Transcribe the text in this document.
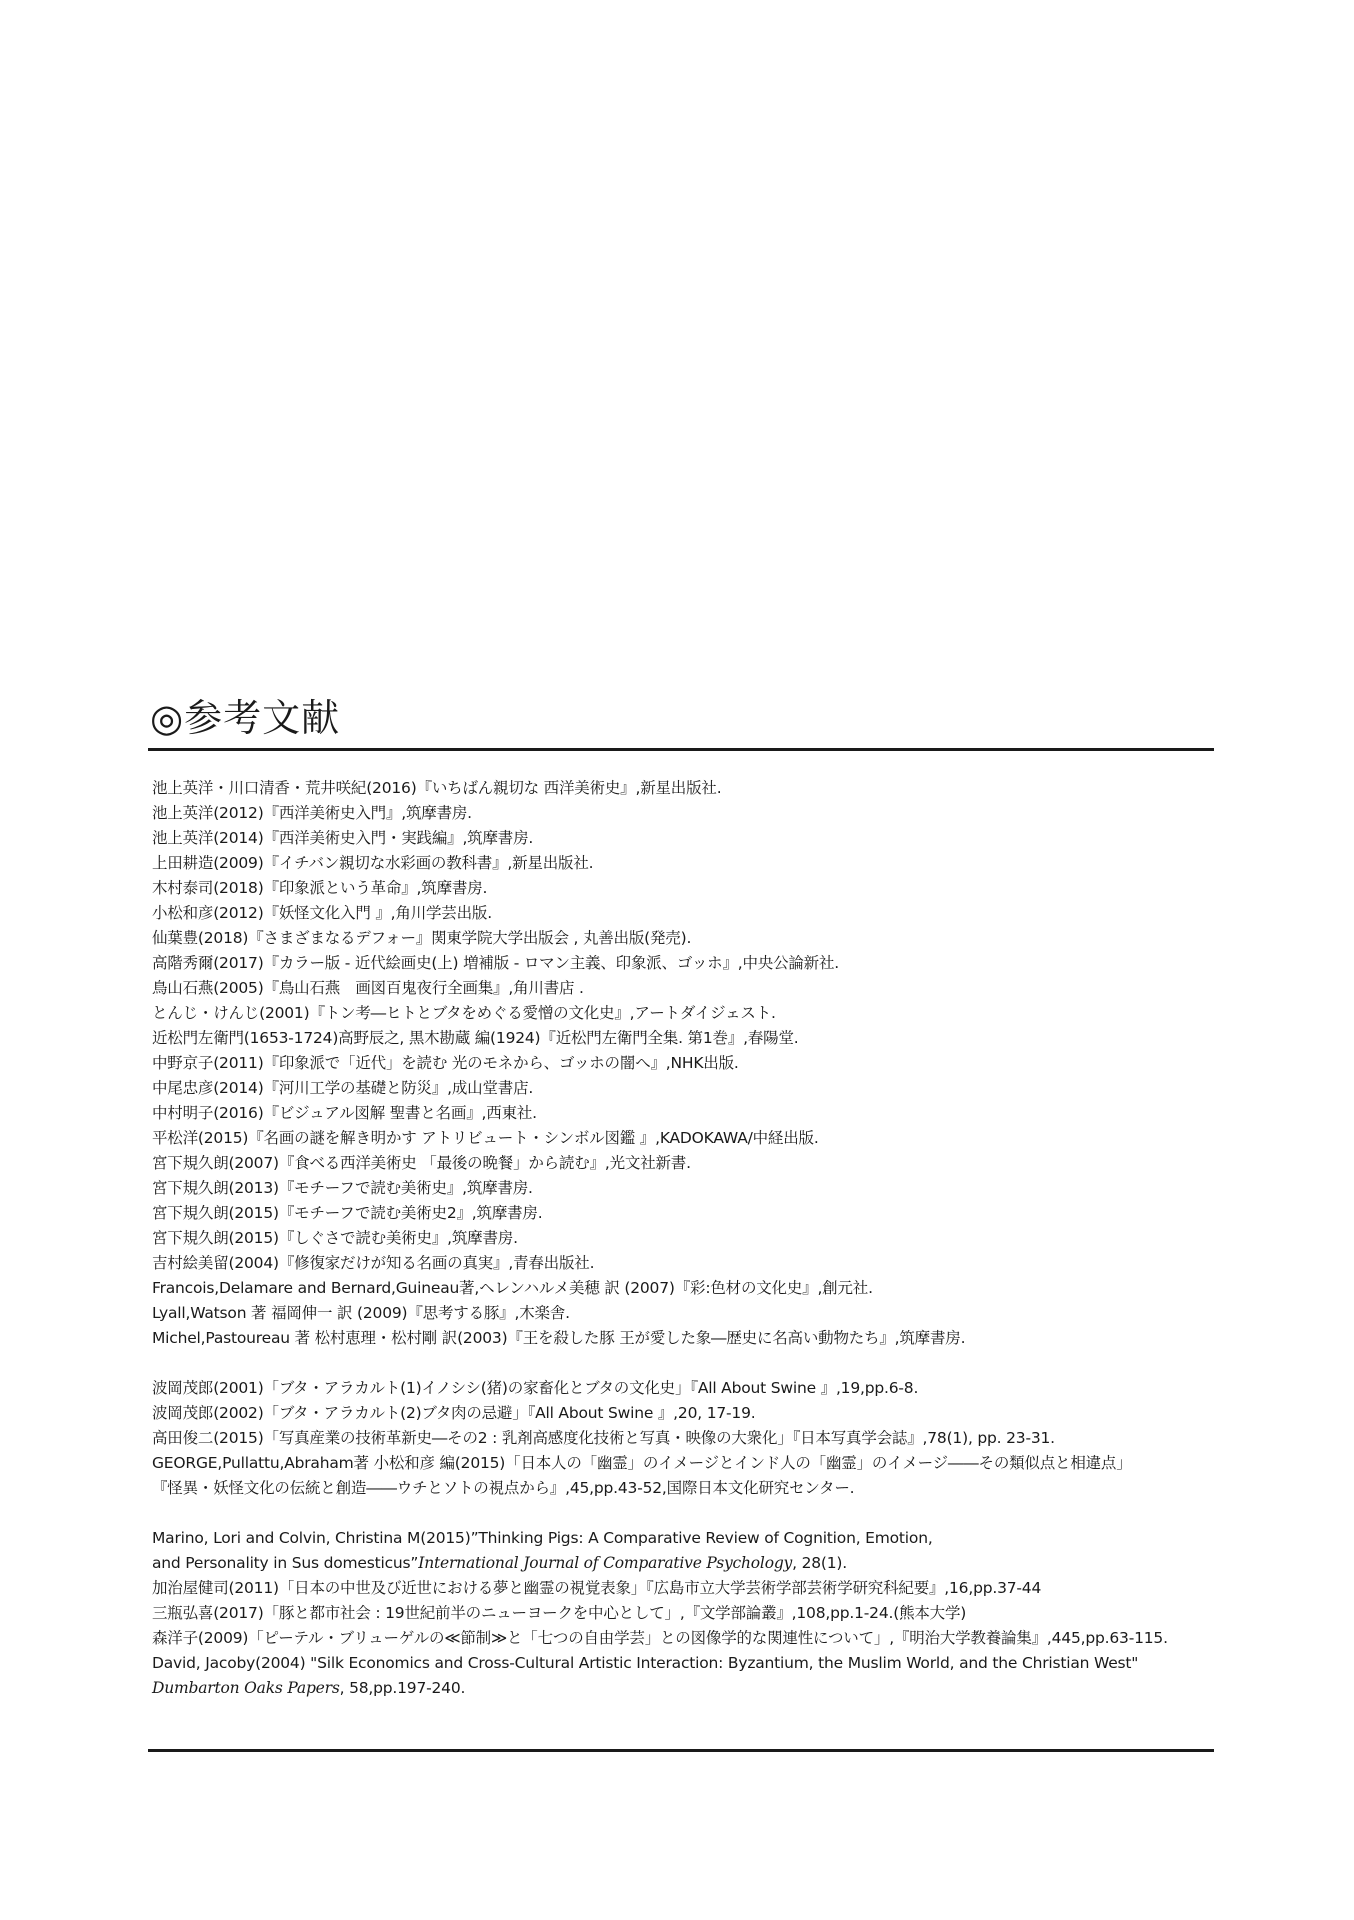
◎参考文献
池上英洋・川口清香・荒井咲紀(2016)『いちばん親切な 西洋美術史』,新星出版社.
池上英洋(2012)『西洋美術史入門』,筑摩書房.
池上英洋(2014)『西洋美術史入門・実践編』,筑摩書房.
上田耕造(2009)『イチバン親切な水彩画の教科書』,新星出版社.
木村泰司(2018)『印象派という革命』,筑摩書房.
小松和彦(2012)『妖怪文化入門 』,角川学芸出版.
仙葉豊(2018)『さまざまなるデフォー』関東学院大学出版会 , 丸善出版(発売).
高階秀爾(2017)『カラー版 - 近代絵画史(上) 増補版 - ロマン主義、印象派、ゴッホ』,中央公論新社.
鳥山石燕(2005)『鳥山石燕　画図百鬼夜行全画集』,角川書店 .
とんじ・けんじ(2001)『トン考―ヒトとブタをめぐる愛憎の文化史』,アートダイジェスト.
近松門左衛門(1653-1724)高野辰之, 黒木勘蔵 編(1924)『近松門左衛門全集. 第1巻』,春陽堂.
中野京子(2011)『印象派で「近代」を読む 光のモネから、ゴッホの闇へ』,NHK出版.
中尾忠彦(2014)『河川工学の基礎と防災』,成山堂書店.
中村明子(2016)『ビジュアル図解 聖書と名画』,西東社.
平松洋(2015)『名画の謎を解き明かす アトリビュート・シンボル図鑑 』,KADOKAWA/中経出版.
宮下規久朗(2007)『食べる西洋美術史 「最後の晩餐」から読む』,光文社新書.
宮下規久朗(2013)『モチーフで読む美術史』,筑摩書房.
宮下規久朗(2015)『モチーフで読む美術史2』,筑摩書房.
宮下規久朗(2015)『しぐさで読む美術史』,筑摩書房.
吉村絵美留(2004)『修復家だけが知る名画の真実』,青春出版社.
Francois,Delamare and Bernard,Guineau著,ヘレンハルメ美穂 訳 (2007)『彩:色材の文化史』,創元社.
Lyall,Watson 著 福岡伸一 訳 (2009)『思考する豚』,木楽舎.
Michel,Pastoureau 著 松村恵理・松村剛 訳(2003)『王を殺した豚 王が愛した象―歴史に名高い動物たち』,筑摩書房.
波岡茂郎(2001)「ブタ・アラカルト(1)イノシシ(猪)の家畜化とブタの文化史」『All About Swine 』,19,pp.6-8.
波岡茂郎(2002)「ブタ・アラカルト(2)ブタ肉の忌避」『All About Swine 』,20, 17-19.
高田俊二(2015)「写真産業の技術革新史―その2 : 乳剤高感度化技術と写真・映像の大衆化」『日本写真学会誌』,78(1), pp. 23-31.
GEORGE,Pullattu,Abraham著 小松和彦 編(2015)「日本人の「幽霊」のイメージとインド人の「幽霊」のイメージ――その類似点と相違点」
『怪異・妖怪文化の伝統と創造――ウチとソトの視点から』,45,pp.43-52,国際日本文化研究センター.
Marino, Lori and Colvin, Christina M(2015)”Thinking Pigs: A Comparative Review of Cognition, Emotion,
and Personality in Sus domesticus”International Journal of Comparative Psychology, 28(1).
加治屋健司(2011)「日本の中世及び近世における夢と幽霊の視覚表象」『広島市立大学芸術学部芸術学研究科紀要』,16,pp.37-44
三瓶弘喜(2017)「豚と都市社会 : 19世紀前半のニューヨークを中心として」,『文学部論叢』,108,pp.1-24.(熊本大学)
森洋子(2009)「ピーテル・ブリューゲルの≪節制≫と「七つの自由学芸」との図像学的な関連性について」,『明治大学教養論集』,445,pp.63-115.
David, Jacoby(2004) "Silk Economics and Cross-Cultural Artistic Interaction: Byzantium, the Muslim World, and the Christian West"
Dumbarton Oaks Papers, 58,pp.197-240.
